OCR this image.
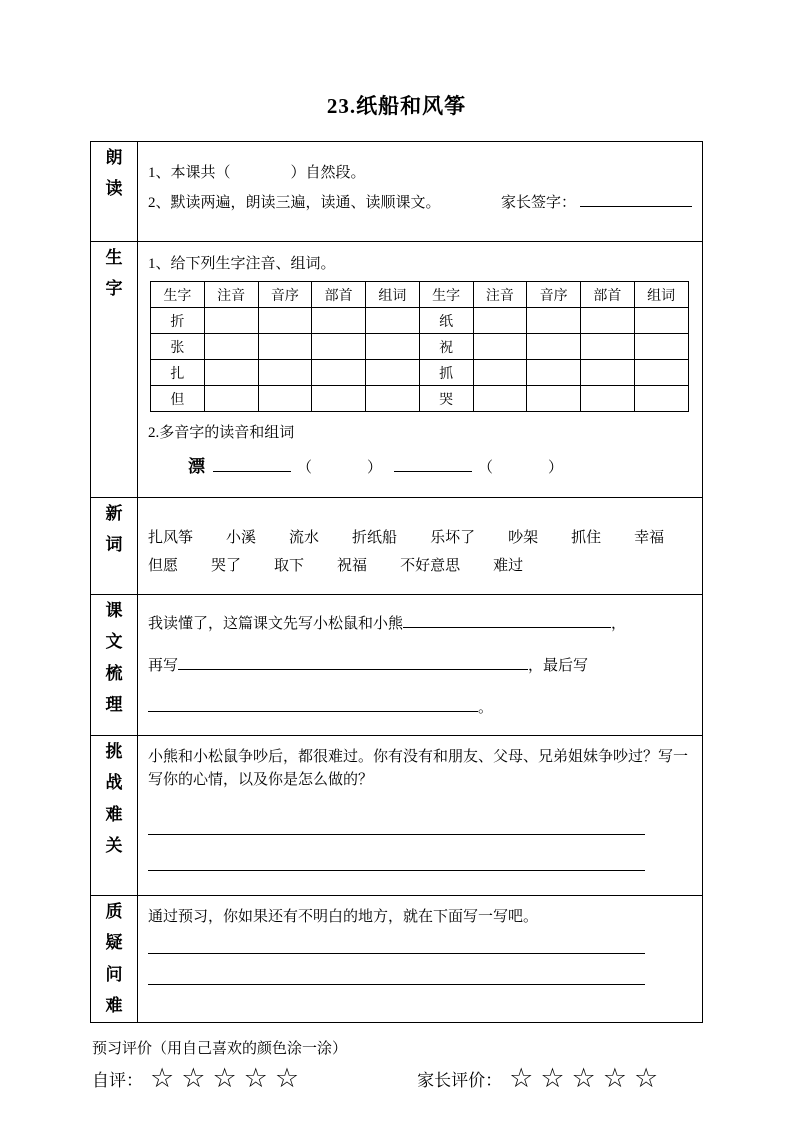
23.纸船和风筝
朗读	
1、本课共（　　　　）自然段。
2、默读两遍，朗读三遍，读通、读顺课文。	家长签字：

生字	
1、给下列生字注音、组词。
生字	注音	音序	部首	组词	生字	注音	音序	部首	组词
折					纸				
张					祝				
扎					抓				
但					哭				
2.多音字的读音和组词
漂	（	）	（	）

新词	扎风筝 小溪 流水 折纸船 乐坏了 吵架 抓住 幸福
但愿 哭了 取下 祝福 不好意思 难过

课文梳理	
我读懂了，这篇课文先写小松鼠和小熊	，
再写	，最后写
。

挑战难关	
小熊和小松鼠争吵后，都很难过。你有没有和朋友、父母、兄弟姐妹争吵过？写一写你的心情，以及你是怎么做的？

质疑问难	
通过预习，你如果还有不明白的地方，就在下面写一写吧。
预习评价（用自己喜欢的颜色涂一涂）
自评： ☆ ☆ ☆ ☆ ☆	家长评价： ☆ ☆ ☆ ☆ ☆
